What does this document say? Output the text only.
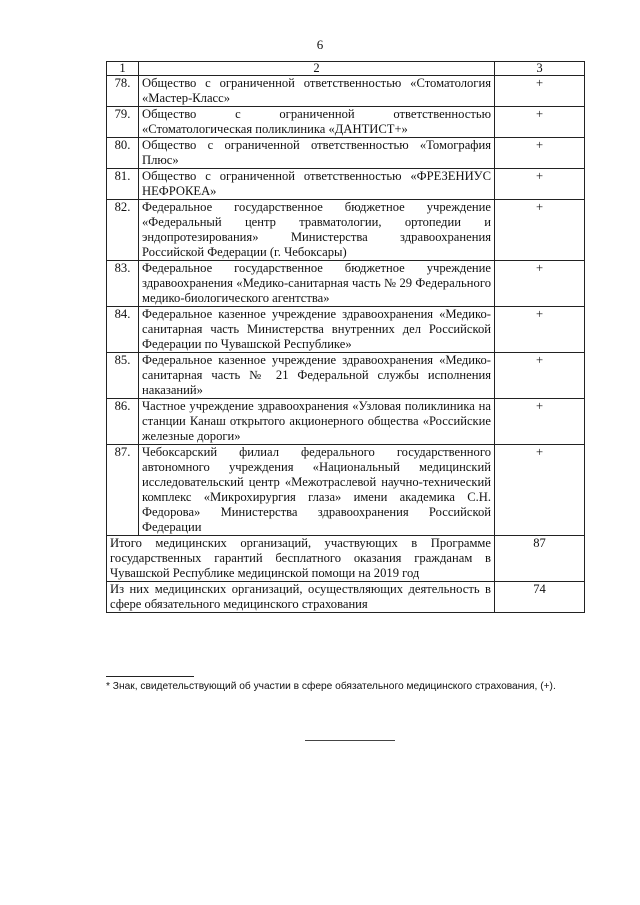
6
1	2	3
78.	Общество с ограниченной ответственностью «Стоматология «Мастер-Класс»	+
79.	Общество с ограниченной ответственностью «Стоматологическая поликлиника «ДАНТИСТ+»	+
80.	Общество с ограниченной ответственностью «Томография Плюс»	+
81.	Общество с ограниченной ответственностью «ФРЕЗЕНИУС НЕФРОКЕА»	+
82.	Федеральное государственное бюджетное учреждение «Федеральный центр травматологии, ортопедии и эндопротезирования» Министерства здравоохранения Российской Федерации (г. Чебоксары)	+
83.	Федеральное государственное бюджетное учреждение здравоохранения «Медико-санитарная часть № 29 Федерального медико-биологического агентства»	+
84.	Федеральное казенное учреждение здравоохранения «Медико-санитарная часть Министерства внутренних дел Российской Федерации по Чувашской Республике»	+
85.	Федеральное казенное учреждение здравоохранения «Медико-санитарная часть № 21 Федеральной службы исполнения наказаний»	+
86.	Частное учреждение здравоохранения «Узловая поликлиника на станции Канаш открытого акционерного общества «Российские железные дороги»	+
87.	Чебоксарский филиал федерального государственного автономного учреждения «Национальный медицинский исследовательский центр «Межотраслевой научно-технический комплекс «Микрохирургия глаза» имени академика С.Н. Федорова» Министерства здравоохранения Российской Федерации	+
Итого медицинских организаций, участвующих в Программе государственных гарантий бесплатного оказания гражданам в Чувашской Республике медицинской помощи на 2019 год		87
Из них медицинских организаций, осуществляющих деятельность в сфере обязательного медицинского страхования		74
* Знак, свидетельствующий об участии в сфере обязательного медицинского страхования, (+).
